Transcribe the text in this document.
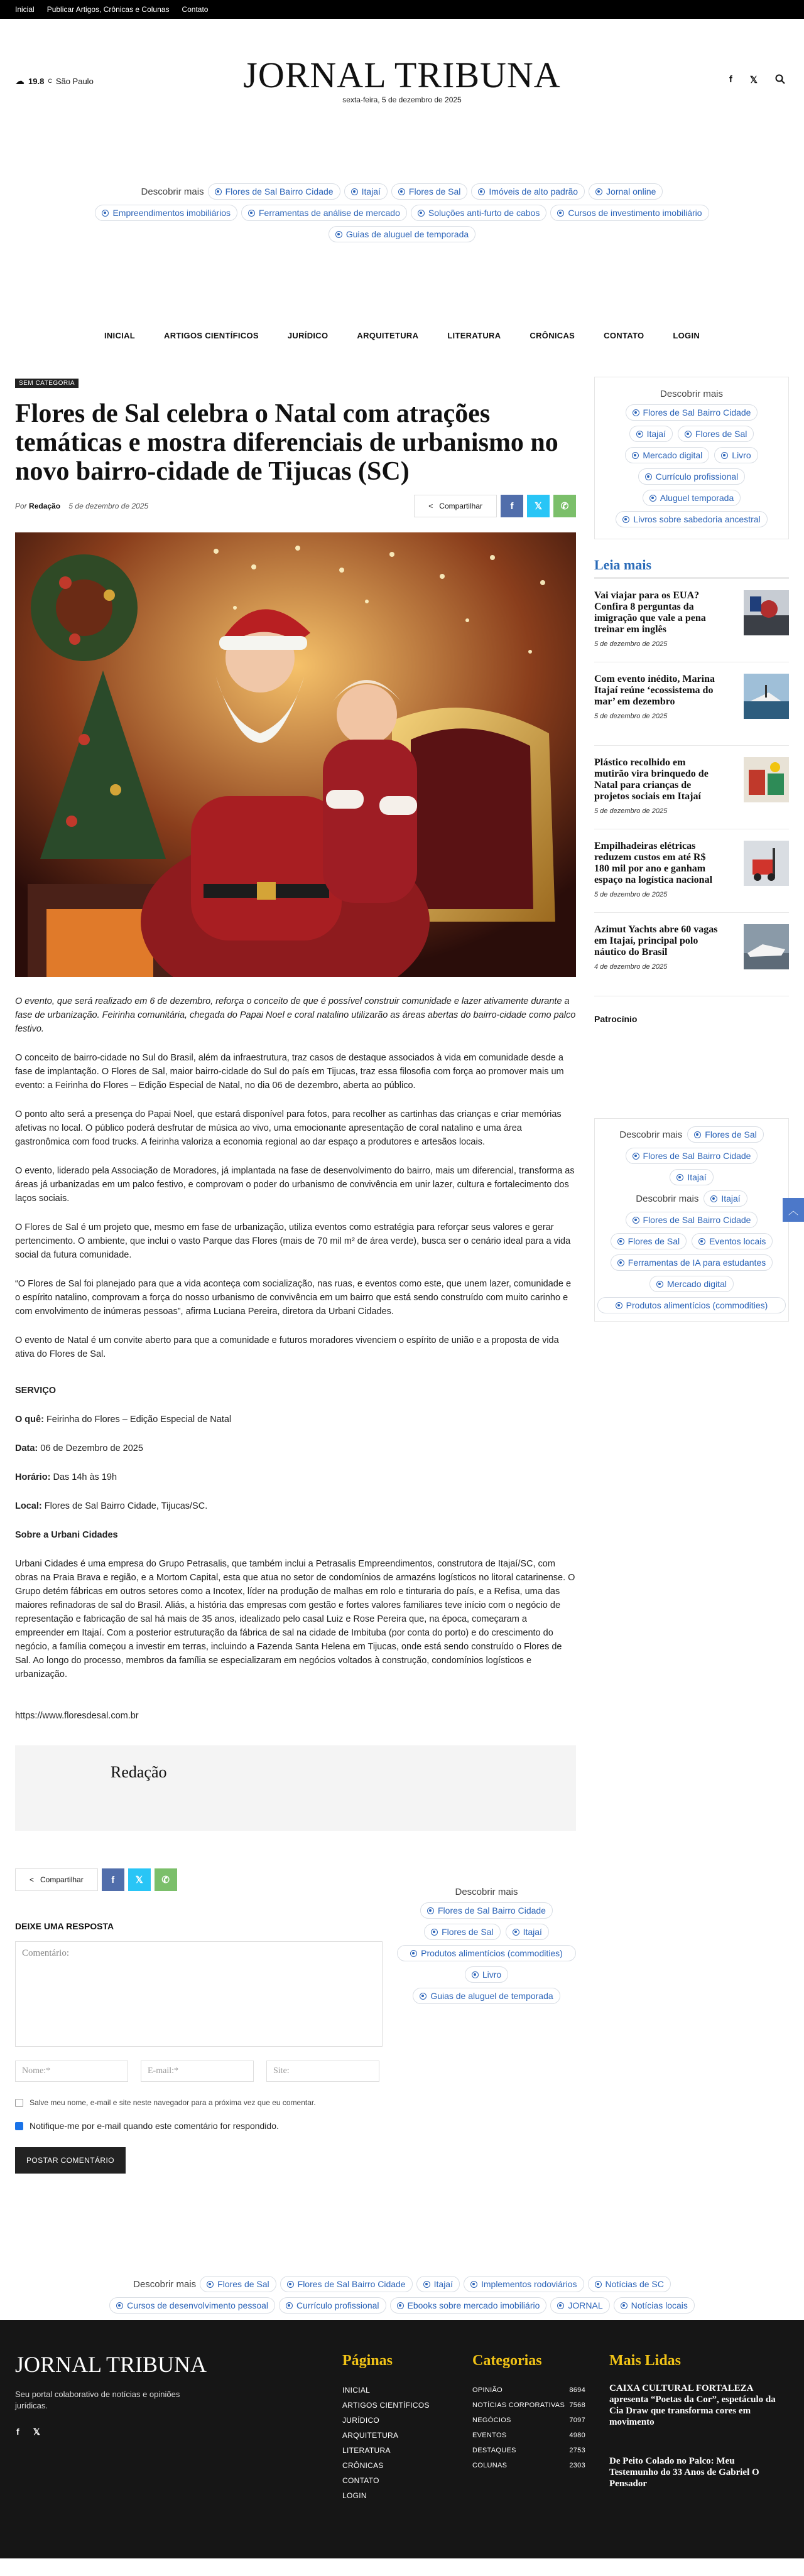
Inicial Publicar Artigos, Crônicas e Colunas Contato
☁ 19.8 C São Paulo	JORNAL TRIBUNA
sexta-feira, 5 de dezembro de 2025
f 𝕏
Descobrir mais Flores de Sal Bairro Cidade	Itajaí	Flores de Sal	Imóveis de alto padrão	Jornal online
Empreendimentos imobiliários	Ferramentas de análise de mercado	Soluções anti-furto de cabos	Cursos de investimento imobiliário
Guias de aluguel de temporada
INICIAL	ARTIGOS CIENTÍFICOS	JURÍDICO	ARQUITETURA	LITERATURA	CRÔNICAS	CONTATO	LOGIN
SEM CATEGORIA
Flores de Sal celebra o Natal com atrações temáticas e mostra diferenciais de urbanismo no novo bairro-cidade de Tijucas (SC)
Por Redação 5 de dezembro de 2025	< Compartilhar	f	𝕏	✆

O evento, que será realizado em 6 de dezembro, reforça o conceito de que é possível construir comunidade e lazer ativamente durante a fase de urbanização. Feirinha comunitária, chegada do Papai Noel e coral natalino utilizarão as áreas abertas do bairro-cidade como palco festivo.

O conceito de bairro-cidade no Sul do Brasil, além da infraestrutura, traz casos de destaque associados à vida em comunidade desde a fase de implantação. O Flores de Sal, maior bairro-cidade do Sul do país em Tijucas, traz essa filosofia com força ao promover mais um evento: a Feirinha do Flores – Edição Especial de Natal, no dia 06 de dezembro, aberta ao público.

O ponto alto será a presença do Papai Noel, que estará disponível para fotos, para recolher as cartinhas das crianças e criar memórias afetivas no local. O público poderá desfrutar de música ao vivo, uma emocionante apresentação de coral natalino e uma área gastronômica com food trucks. A feirinha valoriza a economia regional ao dar espaço a produtores e artesãos locais.

O evento, liderado pela Associação de Moradores, já implantada na fase de desenvolvimento do bairro, mais um diferencial, transforma as áreas já urbanizadas em um palco festivo, e comprovam o poder do urbanismo de convivência em unir lazer, cultura e fortalecimento dos laços sociais.

O Flores de Sal é um projeto que, mesmo em fase de urbanização, utiliza eventos como estratégia para reforçar seus valores e gerar pertencimento. O ambiente, que inclui o vasto Parque das Flores (mais de 70 mil m² de área verde), busca ser o cenário ideal para a vida social da futura comunidade.

“O Flores de Sal foi planejado para que a vida aconteça com socialização, nas ruas, e eventos como este, que unem lazer, comunidade e o espírito natalino, comprovam a força do nosso urbanismo de convivência em um bairro que está sendo construído com muito carinho e com envolvimento de inúmeras pessoas”, afirma Luciana Pereira, diretora da Urbani Cidades.

O evento de Natal é um convite aberto para que a comunidade e futuros moradores vivenciem o espírito de união e a proposta de vida ativa do Flores de Sal.

SERVIÇO

O quê: Feirinha do Flores – Edição Especial de Natal

Data: 06 de Dezembro de 2025

Horário: Das 14h às 19h

Local: Flores de Sal Bairro Cidade, Tijucas/SC.

Sobre a Urbani Cidades

Urbani Cidades é uma empresa do Grupo Petrasalis, que também inclui a Petrasalis Empreendimentos, construtora de Itajaí/SC, com obras na Praia Brava e região, e a Mortom Capital, esta que atua no setor de condomínios de armazéns logísticos no litoral catarinense. O Grupo detém fábricas em outros setores como a Incotex, líder na produção de malhas em rolo e tinturaria do país, e a Refisa, uma das maiores refinadoras de sal do Brasil. Aliás, a história das empresas com gestão e fortes valores familiares teve início com o negócio de representação e fabricação de sal há mais de 35 anos, idealizado pelo casal Luiz e Rose Pereira que, na época, começaram a empreender em Itajaí. Com a posterior estruturação da fábrica de sal na cidade de Imbituba (por conta do porto) e do crescimento do negócio, a família começou a investir em terras, incluindo a Fazenda Santa Helena em Tijucas, onde está sendo construído o Flores de Sal. Ao longo do processo, membros da família se especializaram em negócios voltados à construção, condomínios logísticos e urbanização.

https://www.floresdesal.com.br

Redação
< Compartilhar	f	𝕏	✆
DEIXE UMA RESPOSTA
Comentário:
Nome:*	E-mail:*	Site:
Salve meu nome, e-mail e site neste navegador para a próxima vez que eu comentar.
Notifique-me por e-mail quando este comentário for respondido.
POSTAR COMENTÁRIO
Descobrir mais
Flores de Sal Bairro Cidade
Itajaí	Flores de Sal
Mercado digital	Livro
Currículo profissional
Aluguel temporada
Livros sobre sabedoria ancestral
Leia mais
Vai viajar para os EUA? Confira 8 perguntas da imigração que vale a pena treinar em inglês
5 de dezembro de 2025
Com evento inédito, Marina Itajaí reúne ‘ecossistema do mar’ em dezembro
5 de dezembro de 2025
Plástico recolhido em mutirão vira brinquedo de Natal para crianças de projetos sociais em Itajaí
5 de dezembro de 2025
Empilhadeiras elétricas reduzem custos em até R$ 180 mil por ano e ganham espaço na logística nacional
5 de dezembro de 2025
Azimut Yachts abre 60 vagas em Itajaí, principal polo náutico do Brasil
4 de dezembro de 2025
Patrocínio
Descobrir mais	Flores de Sal
Flores de Sal Bairro Cidade
Itajaí
Descobrir mais	Itajaí
Flores de Sal Bairro Cidade
Flores de Sal	Eventos locais
Ferramentas de IA para estudantes
Mercado digital
Produtos alimentícios (commodities)
Descobrir mais
Flores de Sal Bairro Cidade
Flores de Sal	Itajaí
Produtos alimentícios (commodities)
Livro
Guias de aluguel de temporada
︿
Descobrir mais Flores de Sal	Flores de Sal Bairro Cidade	Itajaí	Implementos rodoviários	Notícias de SC
Cursos de desenvolvimento pessoal	Currículo profissional	Ebooks sobre mercado imobiliário	JORNAL	Notícias locais
JORNAL TRIBUNA
Seu portal colaborativo de notícias e opiniões jurídicas.
f 𝕏
Páginas
INICIAL
ARTIGOS CIENTÍFICOS
JURÍDICO
ARQUITETURA
LITERATURA
CRÔNICAS
CONTATO
LOGIN
Categorias
OPINIÃO	8694
NOTÍCIAS CORPORATIVAS 7568
NEGÓCIOS	7097
EVENTOS	4980
DESTAQUES	2753
COLUNAS	2303
Mais Lidas
CAIXA CULTURAL FORTALEZA apresenta “Poetas da Cor”, espetáculo da Cia Draw que transforma cores em movimento
De Peito Colado no Palco: Meu Testemunho do 33 Anos de Gabriel O Pensador
